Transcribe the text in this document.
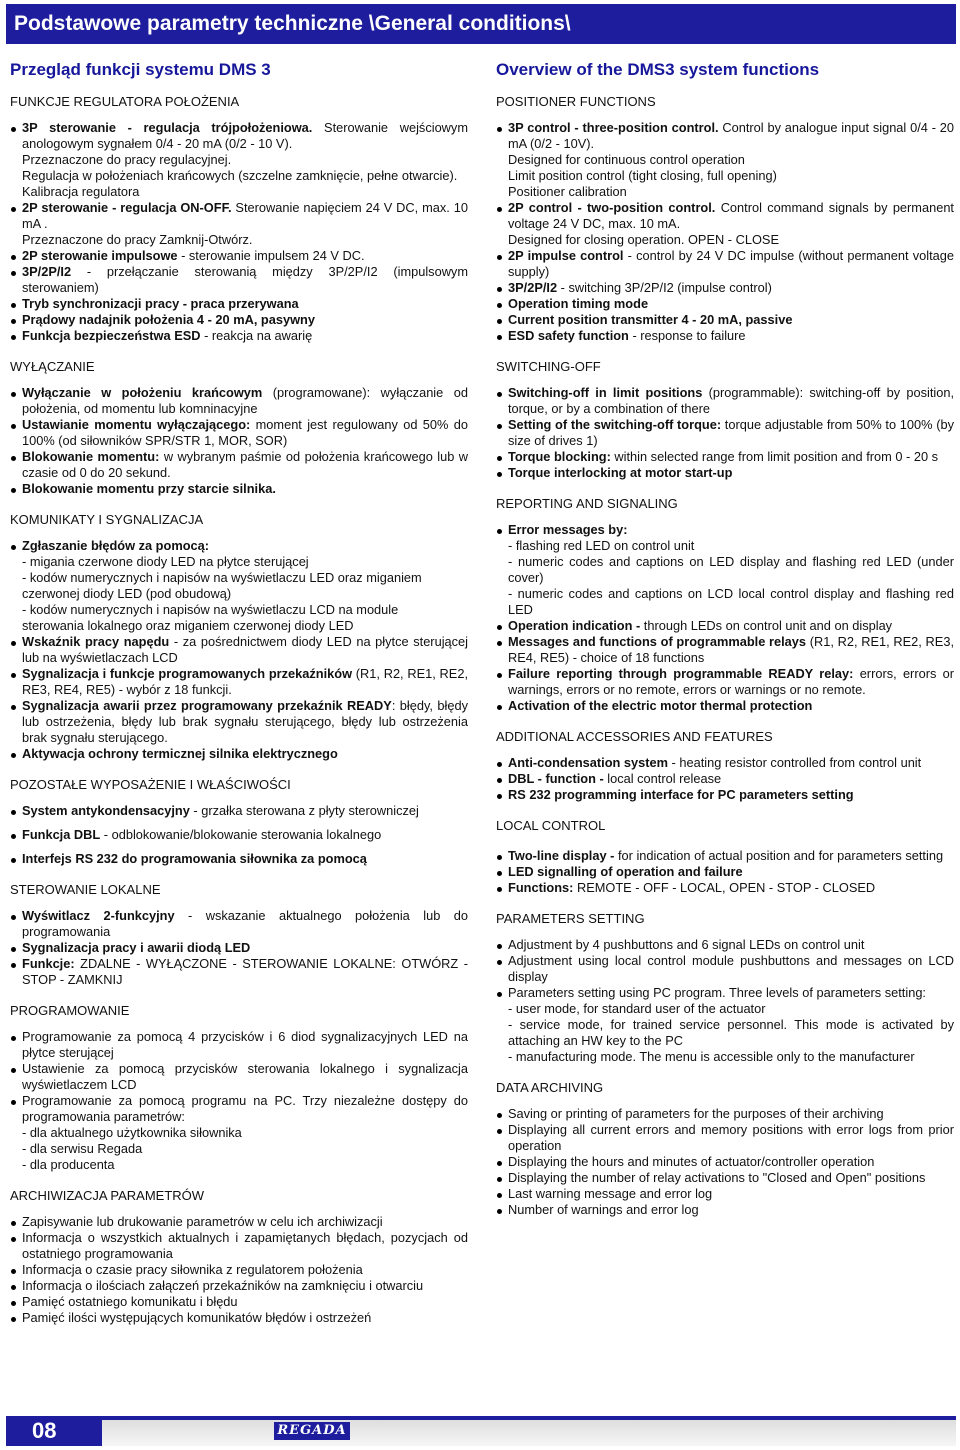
Podstawowe parametry techniczne \General conditions\
Przegląd funkcji systemu DMS 3
FUNKCJE REGULATORA POŁOŻENIA
3P sterowanie - regulacja trójpołożeniowa. Sterowanie wejściowym anologowym sygnałem 0/4 - 20 mA (0/2 - 10 V).
Przeznaczone do pracy regulacyjnej.
Regulacja w położeniach krańcowych (szczelne zamknięcie, pełne otwarcie).
Kalibracja regulatora
2P sterowanie - regulacja ON-OFF. Sterowanie napięciem 24 V DC, max. 10 mA .
Przeznaczone do pracy Zamknij-Otwórz.
2P sterowanie impulsowe - sterowanie impulsem 24 V DC.
3P/2P/I2 - przełączanie sterowanią między 3P/2P/I2 (impulsowym sterowaniem)
Tryb synchronizacji pracy - praca przerywana
Prądowy nadajnik położenia 4 - 20 mA, pasywny
Funkcja bezpieczeństwa ESD - reakcja na awarię
WYŁĄCZANIE
Wyłączanie w położeniu krańcowym (programowane): wyłączanie od położenia, od momentu lub komninacyjne
Ustawianie momentu wyłączającego: moment jest regulowany od 50% do 100% (od siłowników SPR/STR 1, MOR, SOR)
Blokowanie momentu: w wybranym paśmie od położenia krańcowego lub w czasie od 0 do 20 sekund.
Blokowanie momentu przy starcie silnika.
KOMUNIKATY I SYGNALIZACJA
Zgłaszanie błędów za pomocą:
- migania czerwone diody LED na płytce sterującej
- kodów numerycznych i napisów na wyświetlaczu LED oraz miganiem
czerwonej diody LED (pod obudową)
- kodów numerycznych i napisów na wyświetlaczu LCD na module
sterowania lokalnego oraz miganiem czerwonej diody LED
Wskaźnik pracy napędu - za pośrednictwem diody LED na płytce sterującej lub na wyświetlaczach LCD
Sygnalizacja i funkcje programowanych przekaźników (R1, R2, RE1, RE2, RE3, RE4, RE5) - wybór z 18 funkcji.
Sygnalizacja awarii przez programowany przekaźnik READY: błędy, błędy lub ostrzeżenia, błędy lub brak sygnału sterującego, błędy lub ostrzeżenia brak sygnału sterującego.
Aktywacja ochrony termicznej silnika elektrycznego
POZOSTAŁE WYPOSAŻENIE I WŁAŚCIWOŚCI
System antykondensacyjny - grzałka sterowana z płyty sterowniczej
Funkcja DBL - odblokowanie/blokowanie sterowania lokalnego
Interfejs RS 232 do programowania siłownika za pomocą
STEROWANIE LOKALNE
Wyświtlacz 2-funkcyjny - wskazanie aktualnego położenia lub do programowania
Sygnalizacja pracy i awarii diodą LED
Funkcje: ZDALNE - WYŁĄCZONE - STEROWANIE LOKALNE: OTWÓRZ - STOP - ZAMKNIJ
PROGRAMOWANIE
Programowanie za pomocą 4 przycisków i 6 diod sygnalizacyjnych LED na płytce sterującej
Ustawienie za pomocą przycisków sterowania lokalnego i sygnalizacja wyświetlaczem LCD
Programowanie za pomocą programu na PC. Trzy niezależne dostępy do programowania parametrów:
- dla aktualnego użytkownika siłownika
- dla serwisu Regada
- dla producenta
ARCHIWIZACJA PARAMETRÓW
Zapisywanie lub drukowanie parametrów w celu ich archiwizacji
Informacja o wszystkich aktualnych i zapamiętanych błędach, pozycjach od ostatniego programowania
Informacja o czasie pracy siłownika z regulatorem położenia
Informacja o ilościach załączeń przekaźników na zamknięciu i otwarciu
Pamięć ostatniego komunikatu i błędu
Pamięć ilości występujących komunikatów błędów i ostrzeżeń
Overview of the DMS3 system functions
POSITIONER FUNCTIONS
3P control - three-position control. Control by analogue input signal 0/4 - 20 mA (0/2 - 10V).
Designed for continuous control operation
Limit position control (tight closing, full opening)
Positioner calibration
2P control - two-position control. Control command signals by permanent voltage 24 V DC, max. 10 mA.
Designed for closing operation. OPEN - CLOSE
2P impulse control - control by 24 V DC impulse (without permanent voltage supply)
3P/2P/I2 - switching 3P/2P/I2 (impulse control)
Operation timing mode
Current position transmitter 4 - 20 mA, passive
ESD safety function - response to failure
SWITCHING-OFF
Switching-off in limit positions (programmable): switching-off by position, torque, or by a combination of there
Setting of the switching-off torque: torque adjustable from 50% to 100% (by size of drives 1)
Torque blocking: within selected range from limit position and from 0 - 20 s
Torque interlocking at motor start-up
REPORTING AND SIGNALING
Error messages by:
- flashing red LED on control unit
- numeric codes and captions on LED display and flashing red LED (under cover)
- numeric codes and captions on LCD local control display and flashing red LED
Operation indication - through LEDs on control unit and on display
Messages and functions of programmable relays (R1, R2, RE1, RE2, RE3, RE4, RE5) - choice of 18 functions
Failure reporting through programmable READY relay: errors, errors or warnings, errors or no remote, errors or warnings or no remote.
Activation of the electric motor thermal protection
ADDITIONAL ACCESSORIES AND FEATURES
Anti-condensation system - heating resistor controlled from control unit
DBL - function - local control release
RS 232 programming interface for PC parameters setting
LOCAL CONTROL
Two-line display - for indication of actual position and for parameters setting
LED signalling of operation and failure
Functions: REMOTE - OFF - LOCAL, OPEN - STOP - CLOSED
PARAMETERS SETTING
Adjustment by 4 pushbuttons and 6 signal LEDs on control unit
Adjustment using local control module pushbuttons and messages on LCD display
Parameters setting using PC program. Three levels of parameters setting:
- user mode, for standard user of the actuator
- service mode, for trained service personnel. This mode is activated by attaching an HW key to the PC
- manufacturing mode. The menu is accessible only to the manufacturer
DATA ARCHIVING
Saving or printing of parameters for the purposes of their archiving
Displaying all current errors and memory positions with error logs from prior operation
Displaying the hours and minutes of actuator/controller operation
Displaying the number of relay activations to "Closed and Open" positions
Last warning message and error log
Number of warnings and error log
08	REGADA
